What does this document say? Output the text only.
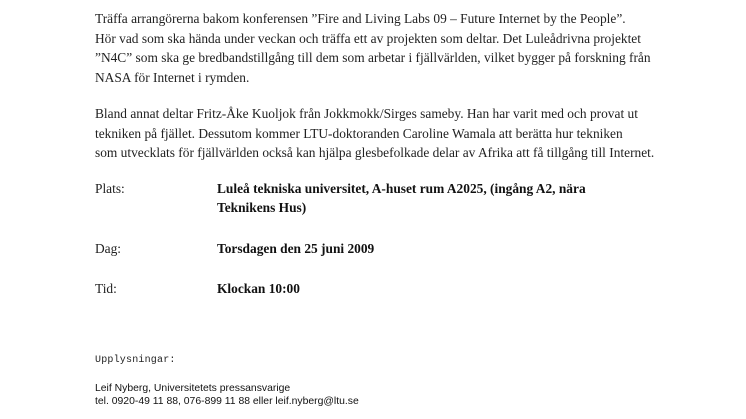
Träffa arrangörerna bakom konferensen ”Fire and Living Labs 09 – Future Internet by the People”.

Hör vad som ska hända under veckan och träffa ett av projekten som deltar. Det Luleådrivna projektet

”N4C” som ska ge bredbandstillgång till dem som arbetar i fjällvärlden, vilket bygger på forskning från

NASA för Internet i rymden.

Bland annat deltar Fritz-Åke Kuoljok från Jokkmokk/Sirges sameby. Han har varit med och provat ut

tekniken på fjället. Dessutom kommer LTU-doktoranden Caroline Wamala att berätta hur tekniken

som utvecklats för fjällvärlden också kan hjälpa glesbefolkade delar av Afrika att få tillgång till Internet.

Plats:	Luleå tekniska universitet, A-huset rum A2025, (ingång A2, nära
Teknikens Hus)
Dag:	Torsdagen den 25 juni 2009
Tid:	Klockan 10:00
Upplysningar:
Leif Nyberg, Universitetets pressansvarige
tel. 0920-49 11 88, 076-899 11 88 eller leif.nyberg@ltu.se
